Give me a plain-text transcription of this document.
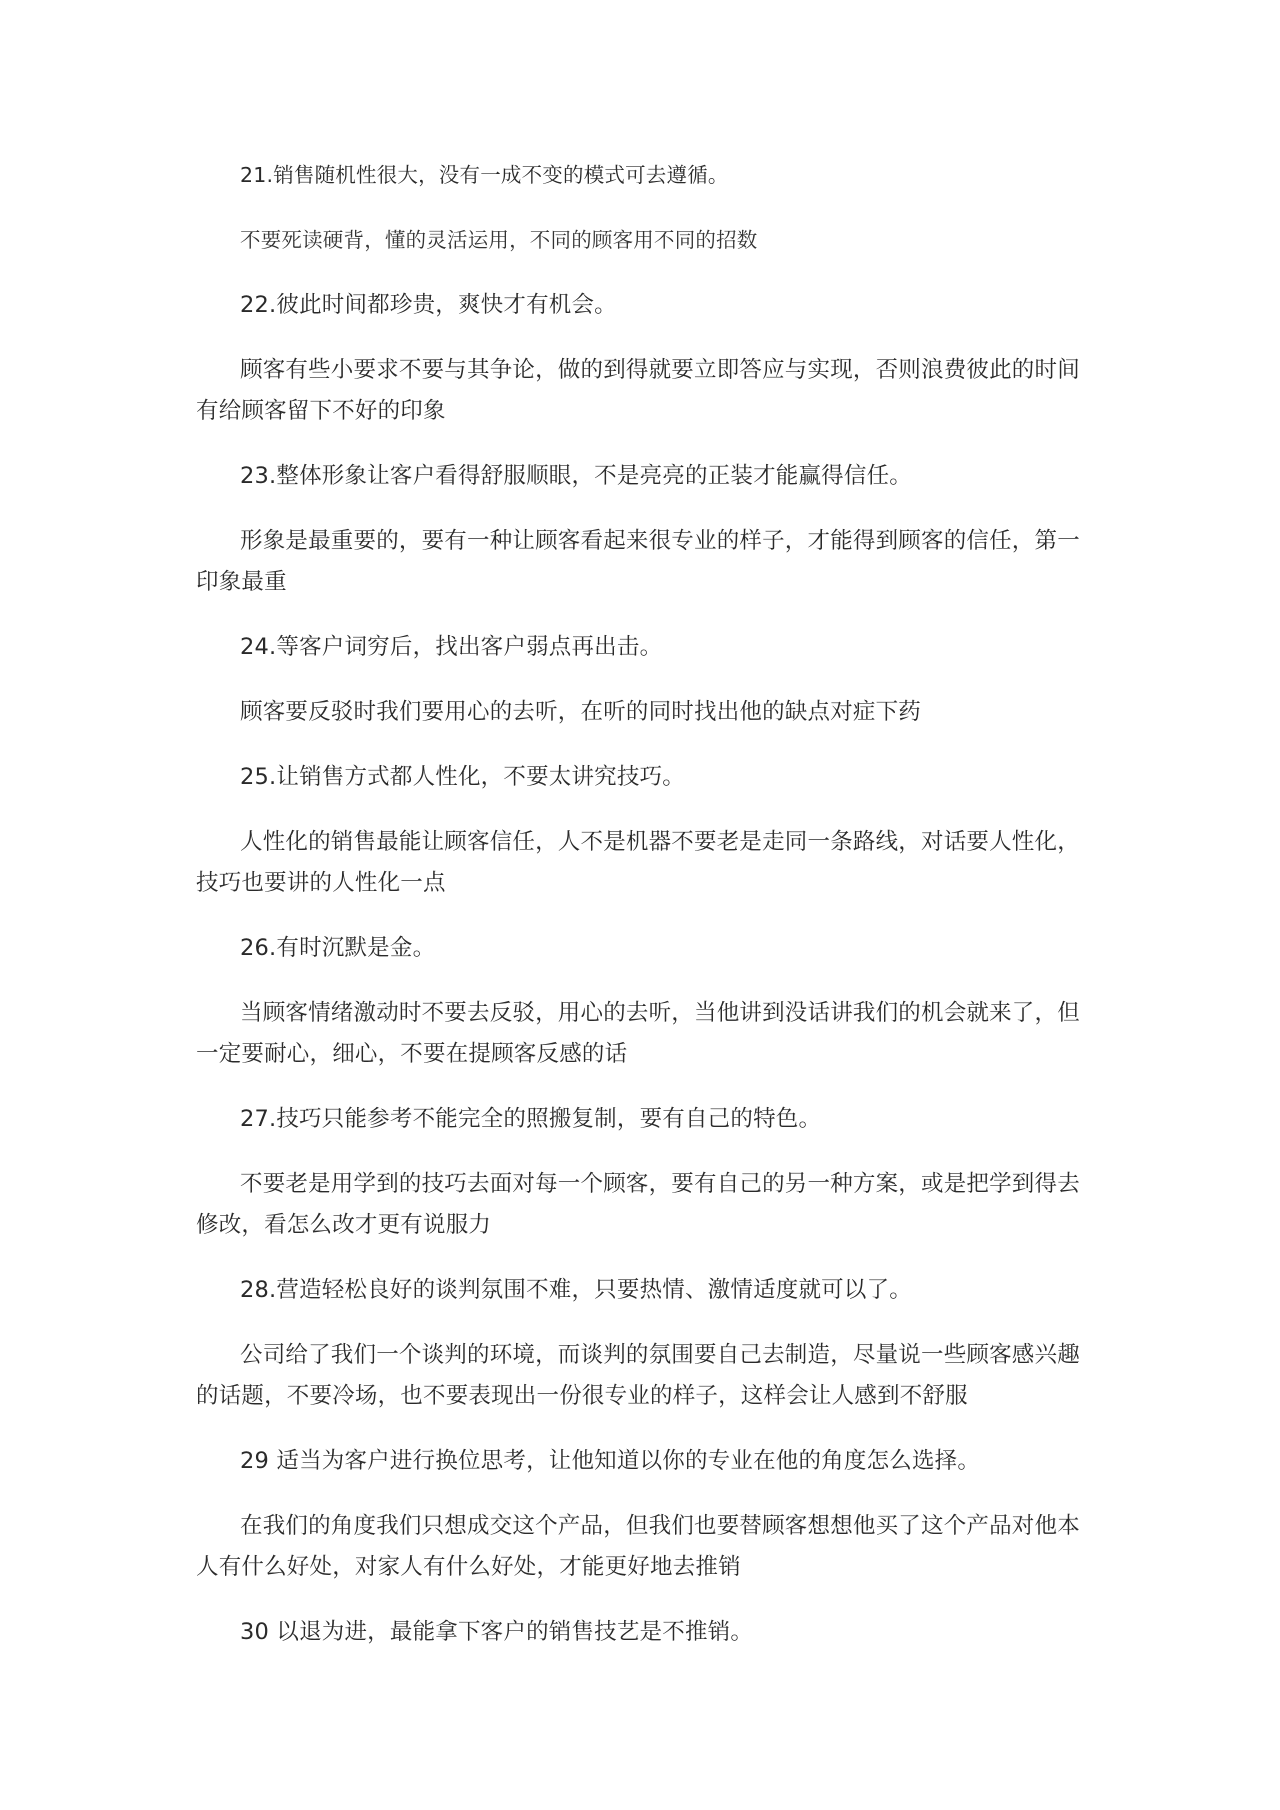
21.销售随机性很大，没有一成不变的模式可去遵循。

不要死读硬背，懂的灵活运用，不同的顾客用不同的招数

22.彼此时间都珍贵，爽快才有机会。

顾客有些小要求不要与其争论，做的到得就要立即答应与实现，否则浪费彼此的时间有给顾客留下不好的印象

23.整体形象让客户看得舒服顺眼，不是亮亮的正装才能赢得信任。

形象是最重要的，要有一种让顾客看起来很专业的样子，才能得到顾客的信任，第一印象最重

24.等客户词穷后，找出客户弱点再出击。

顾客要反驳时我们要用心的去听，在听的同时找出他的缺点对症下药

25.让销售方式都人性化，不要太讲究技巧。

人性化的销售最能让顾客信任，人不是机器不要老是走同一条路线，对话要人性化，技巧也要讲的人性化一点

26.有时沉默是金。

当顾客情绪激动时不要去反驳，用心的去听，当他讲到没话讲我们的机会就来了，但一定要耐心，细心，不要在提顾客反感的话

27.技巧只能参考不能完全的照搬复制，要有自己的特色。

不要老是用学到的技巧去面对每一个顾客，要有自己的另一种方案，或是把学到得去修改，看怎么改才更有说服力

28.营造轻松良好的谈判氛围不难，只要热情、激情适度就可以了。

公司给了我们一个谈判的环境，而谈判的氛围要自己去制造，尽量说一些顾客感兴趣的话题，不要冷场，也不要表现出一份很专业的样子，这样会让人感到不舒服

29 适当为客户进行换位思考，让他知道以你的专业在他的角度怎么选择。

在我们的角度我们只想成交这个产品，但我们也要替顾客想想他买了这个产品对他本人有什么好处，对家人有什么好处，才能更好地去推销

30 以退为进，最能拿下客户的销售技艺是不推销。
